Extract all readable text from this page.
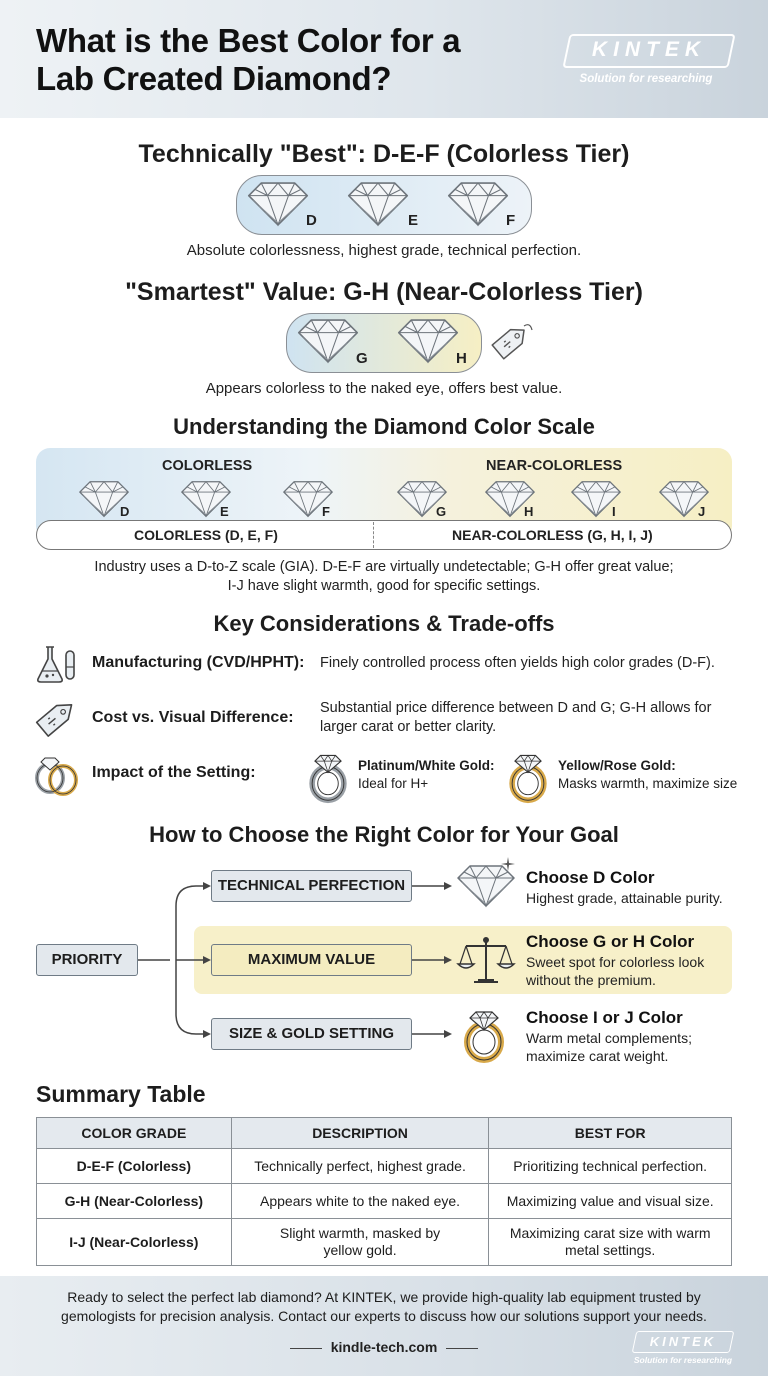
What is the Best Color for a
Lab Created Diamond?
KINTEK
Solution for researching
Technically "Best": D-E-F (Colorless Tier)
D	E	F
Absolute colorlessness, highest grade, technical perfection.
"Smartest" Value: G-H (Near-Colorless Tier)
G	H
Appears colorless to the naked eye, offers best value.
Understanding the Diamond Color Scale
COLORLESS	NEAR-COLORLESS
D	E	F	G	H	I	J
COLORLESS (D, E, F)	NEAR-COLORLESS (G, H, I, J)
Industry uses a D-to-Z scale (GIA). D-E-F are virtually undetectable; G-H offer great value;
I-J have slight warmth, good for specific settings.
Key Considerations & Trade-offs
Manufacturing (CVD/HPHT): Finely controlled process often yields high color grades (D-F).
Cost vs. Visual Difference:
Substantial price difference between D and G; G-H allows for
larger carat or better clarity.
Impact of the Setting:	Platinum/White Gold:
Ideal for H+
Yellow/Rose Gold:
Masks warmth, maximize size
How to Choose the Right Color for Your Goal
PRIORITY
TECHNICAL PERFECTION
MAXIMUM VALUE
SIZE & GOLD SETTING
Choose D Color
Highest grade, attainable purity.
Choose G or H Color
Sweet spot for colorless look
without the premium.
Choose I or J Color
Warm metal complements;
maximize carat weight.
Summary Table
COLOR GRADE	DESCRIPTION	BEST FOR
D-E-F (Colorless)	Technically perfect, highest grade.	Prioritizing technical perfection.
G-H (Near-Colorless)	Appears white to the naked eye.	Maximizing value and visual size.
I-J (Near-Colorless)	Slight warmth, masked by yellow gold.	Maximizing carat size with warm metal settings.
Ready to select the perfect lab diamond? At KINTEK, we provide high-quality lab equipment trusted by
gemologists for precision analysis. Contact our experts to discuss how our solutions support your needs.
kindle-tech.com	KINTEK
Solution for researching
